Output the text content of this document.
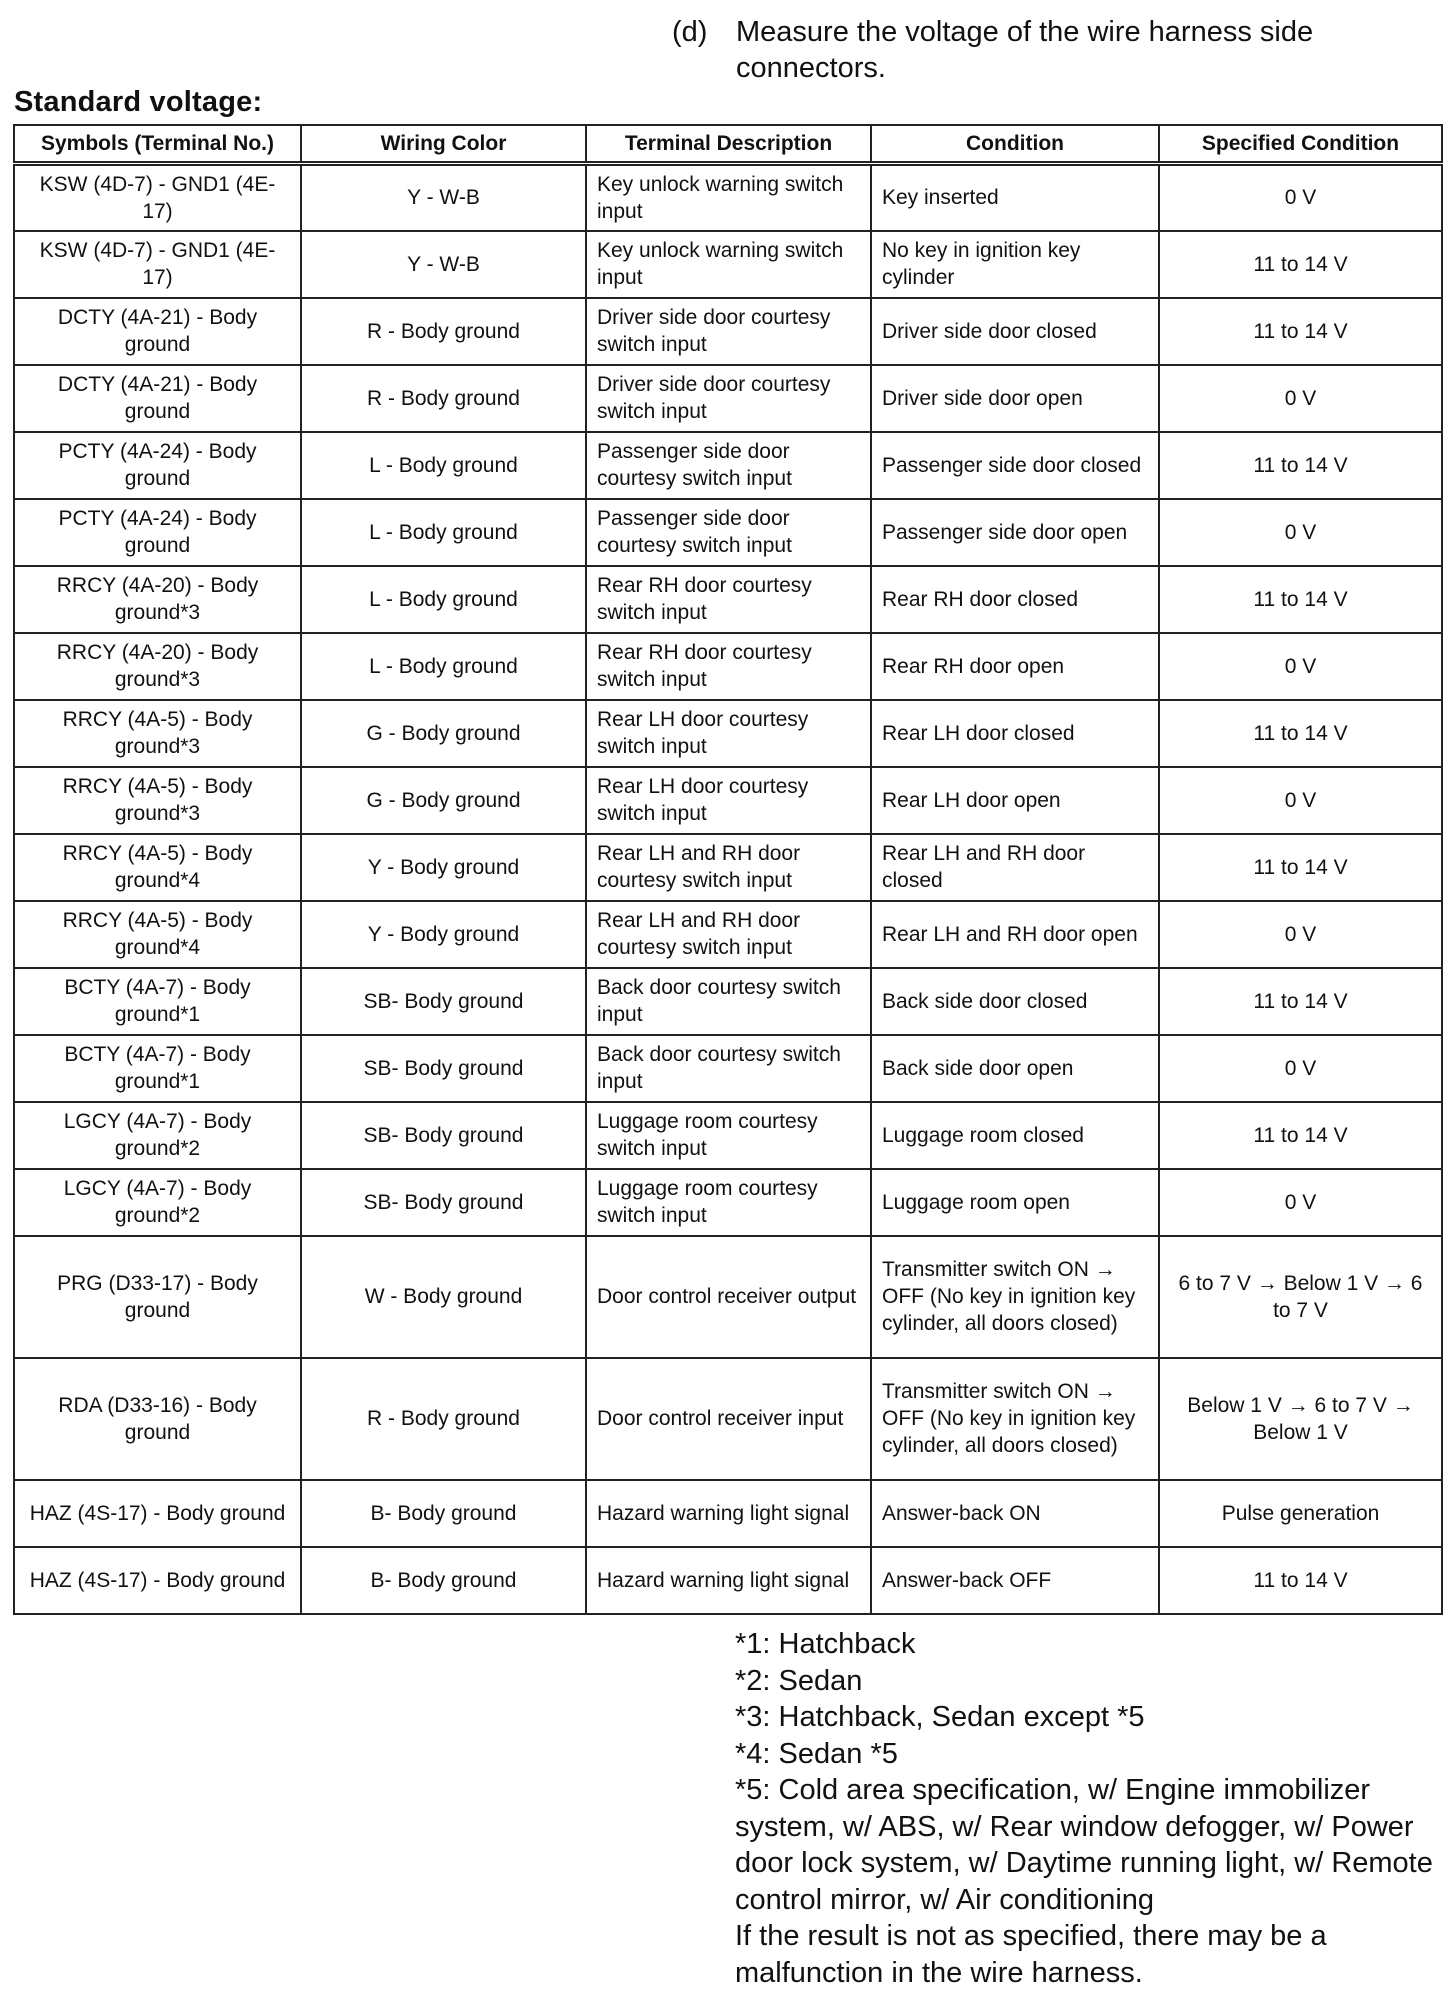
(d) Measure the voltage of the wire harness side connectors.
Standard voltage:
Symbols (Terminal No.)	Wiring Color	Terminal Description	Condition	Specified Condition
KSW (4D-7) - GND1 (4E-17)	Y - W-B	Key unlock warning switch input	Key inserted	0 V
KSW (4D-7) - GND1 (4E-17)	Y - W-B	Key unlock warning switch input	No key in ignition key cylinder	11 to 14 V
DCTY (4A-21) - Body ground	R - Body ground	Driver side door courtesy switch input	Driver side door closed	11 to 14 V
DCTY (4A-21) - Body ground	R - Body ground	Driver side door courtesy switch input	Driver side door open	0 V
PCTY (4A-24) - Body ground	L - Body ground	Passenger side door courtesy switch input	Passenger side door closed	11 to 14 V
PCTY (4A-24) - Body ground	L - Body ground	Passenger side door courtesy switch input	Passenger side door open	0 V
RRCY (4A-20) - Body ground*3	L - Body ground	Rear RH door courtesy switch input	Rear RH door closed	11 to 14 V
RRCY (4A-20) - Body ground*3	L - Body ground	Rear RH door courtesy switch input	Rear RH door open	0 V
RRCY (4A-5) - Body ground*3	G - Body ground	Rear LH door courtesy switch input	Rear LH door closed	11 to 14 V
RRCY (4A-5) - Body ground*3	G - Body ground	Rear LH door courtesy switch input	Rear LH door open	0 V
RRCY (4A-5) - Body ground*4	Y - Body ground	Rear LH and RH door courtesy switch input	Rear LH and RH door closed	11 to 14 V
RRCY (4A-5) - Body ground*4	Y - Body ground	Rear LH and RH door courtesy switch input	Rear LH and RH door open	0 V
BCTY (4A-7) - Body ground*1	SB- Body ground	Back door courtesy switch input	Back side door closed	11 to 14 V
BCTY (4A-7) - Body ground*1	SB- Body ground	Back door courtesy switch input	Back side door open	0 V
LGCY (4A-7) - Body ground*2	SB- Body ground	Luggage room courtesy switch input	Luggage room closed	11 to 14 V
LGCY (4A-7) - Body ground*2	SB- Body ground	Luggage room courtesy switch input	Luggage room open	0 V
PRG (D33-17) - Body ground	W - Body ground	Door control receiver output	Transmitter switch ON → OFF (No key in ignition key cylinder, all doors closed)	6 to 7 V → Below 1 V → 6 to 7 V
RDA (D33-16) - Body ground	R - Body ground	Door control receiver input	Transmitter switch ON → OFF (No key in ignition key cylinder, all doors closed)	Below 1 V → 6 to 7 V → Below 1 V
HAZ (4S-17) - Body ground	B- Body ground	Hazard warning light signal	Answer-back ON	Pulse generation
HAZ (4S-17) - Body ground	B- Body ground	Hazard warning light signal	Answer-back OFF	11 to 14 V
*1: Hatchback
*2: Sedan
*3: Hatchback, Sedan except *5
*4: Sedan *5
*5: Cold area specification, w/ Engine immobilizer system, w/ ABS, w/ Rear window defogger, w/ Power door lock system, w/ Daytime running light, w/ Remote control mirror, w/ Air conditioning
If the result is not as specified, there may be a malfunction in the wire harness.
